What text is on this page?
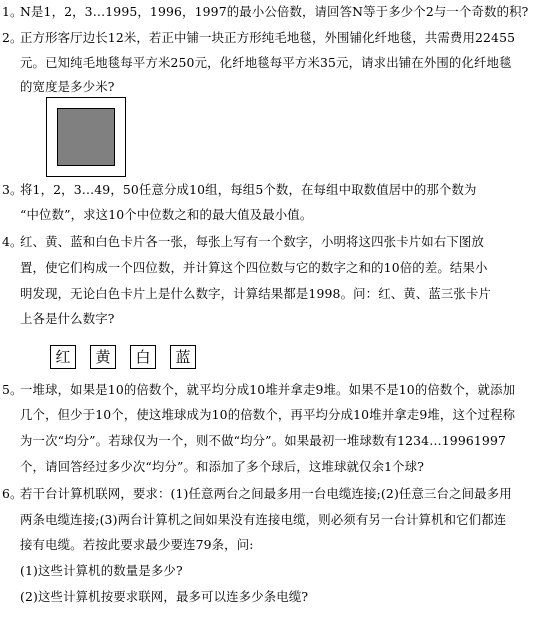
1。
N是1，2，3…1995，1996，1997的最小公倍数，请回答N等于多少个2与一个奇数的积?
2。
正方形客厅边长12米，若正中铺一块正方形纯毛地毯，外围铺化纤地毯，共需费用22455
元。已知纯毛地毯每平方米250元，化纤地毯每平方米35元，请求出铺在外围的化纤地毯
的宽度是多少米?
3。
将1，2，3…49，50任意分成10组，每组5个数，在每组中取数值居中的那个数为
“中位数”，求这10个中位数之和的最大值及最小值。
4。
红、黄、蓝和白色卡片各一张，每张上写有一个数字，小明将这四张卡片如右下图放
置，使它们构成一个四位数，并计算这个四位数与它的数字之和的10倍的差。结果小
明发现，无论白色卡片上是什么数字，计算结果都是1998。问：红、黄、蓝三张卡片
上各是什么数字?
红	黄	白	蓝
5。
一堆球，如果是10的倍数个，就平均分成10堆并拿走9堆。如果不是10的倍数个，就添加
几个，但少于10个，使这堆球成为10的倍数个，再平均分成10堆并拿走9堆，这个过程称
为一次“均分”。若球仅为一个，则不做“均分”。如果最初一堆球数有1234…19961997
个，请回答经过多少次“均分”。和添加了多个球后，这堆球就仅余1个球?
6。
若干台计算机联网，要求：(1)任意两台之间最多用一台电缆连接;(2)任意三台之间最多用
两条电缆连接;(3)两台计算机之间如果没有连接电缆，则必须有另一台计算机和它们都连
接有电缆。若按此要求最少要连79条，问:
(1)这些计算机的数量是多少?
(2)这些计算机按要求联网，最多可以连多少条电缆?
